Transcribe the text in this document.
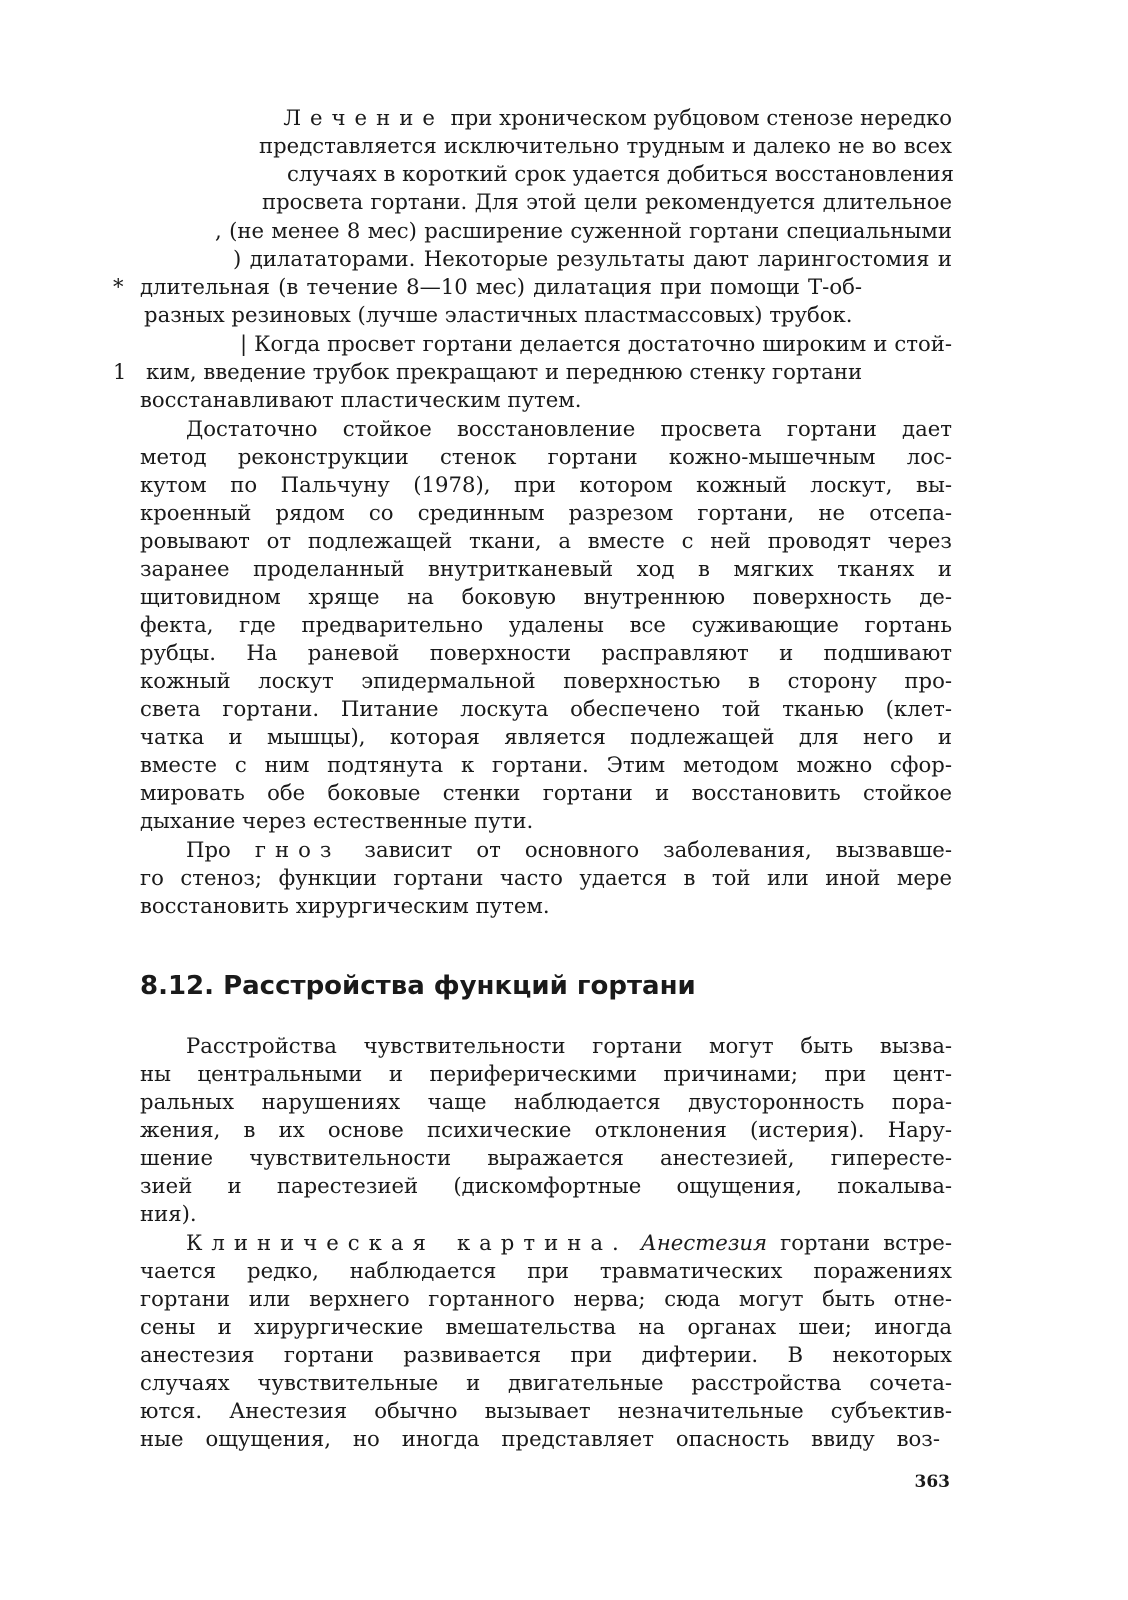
Лечение при хроническом рубцовом стенозе нередко
представляется исключительно трудным и далеко не во всех
случаях в короткий срок удается добиться восстановления
просвета гортани. Для этой цели рекомендуется длительное
, (не менее 8 мес) расширение суженной гортани специальными
) дилататорами. Некоторые результаты дают ларингостомия и
* длительная (в течение 8—10 мес) дилатация при помощи Т-об-
разных резиновых (лучше эластичных пластмассовых) трубок.
| Когда просвет гортани делается достаточно широким и стой-
1 ким, введение трубок прекращают и переднюю стенку гортани
восстанавливают пластическим путем.
Достаточно стойкое восстановление просвета гортани дает
метод реконструкции стенок гортани кожно-мышечным лос-
кутом по Пальчуну (1978), при котором кожный лоскут, вы-
кроенный рядом со срединным разрезом гортани, не отсепа-
ровывают от подлежащей ткани, а вместе с ней проводят через
заранее проделанный внутритканевый ход в мягких тканях и
щитовидном хряще на боковую внутреннюю поверхность де-
фекта, где предварительно удалены все суживающие гортань
рубцы. На раневой поверхности расправляют и подшивают
кожный лоскут эпидермальной поверхностью в сторону про-
света гортани. Питание лоскута обеспечено той тканью (клет-
чатка и мышцы), которая является подлежащей для него и
вместе с ним подтянута к гортани. Этим методом можно сфор-
мировать обе боковые стенки гортани и восстановить стойкое
дыхание через естественные пути.
Про гноз зависит от основного заболевания, вызвавше-
го стеноз; функции гортани часто удается в той или иной мере
восстановить хирургическим путем.
8.12. Расстройства функций гортани
Расстройства чувствительности гортани могут быть вызва-
ны центральными и периферическими причинами; при цент-
ральных нарушениях чаще наблюдается двусторонность пора-
жения, в их основе психические отклонения (истерия). Нару-
шение чувствительности выражается анестезией, гипересте-
зией и парестезией (дискомфортные ощущения, покалыва-
ния).
Клиническая картина. Анестезия гортани встре-
чается редко, наблюдается при травматических поражениях
гортани или верхнего гортанного нерва; сюда могут быть отне-
сены и хирургические вмешательства на органах шеи; иногда
анестезия гортани развивается при дифтерии. В некоторых
случаях чувствительные и двигательные расстройства сочета-
ются. Анестезия обычно вызывает незначительные субъектив-
ные ощущения, но иногда представляет опасность ввиду воз-
363
